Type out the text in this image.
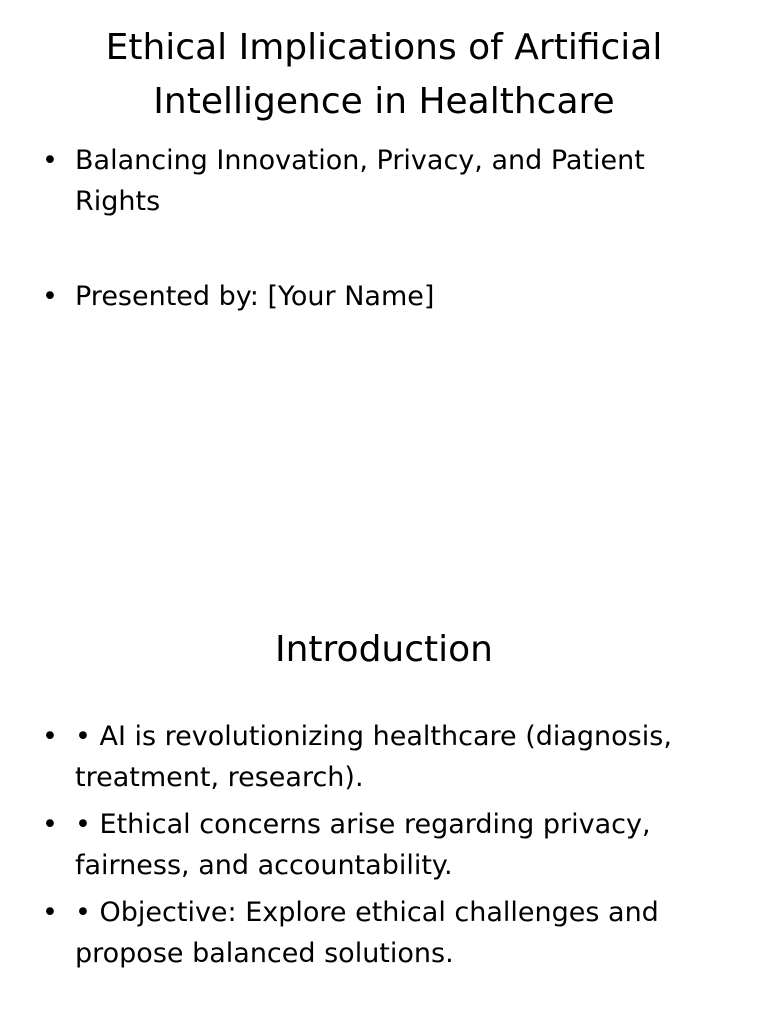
Ethical Implications of Artificial Intelligence in Healthcare
• Balancing Innovation, Privacy, and Patient Rights
• Presented by: [Your Name]
Introduction
• • AI is revolutionizing healthcare (diagnosis, treatment, research).
• • Ethical concerns arise regarding privacy, fairness, and accountability.
• • Objective: Explore ethical challenges and propose balanced solutions.
